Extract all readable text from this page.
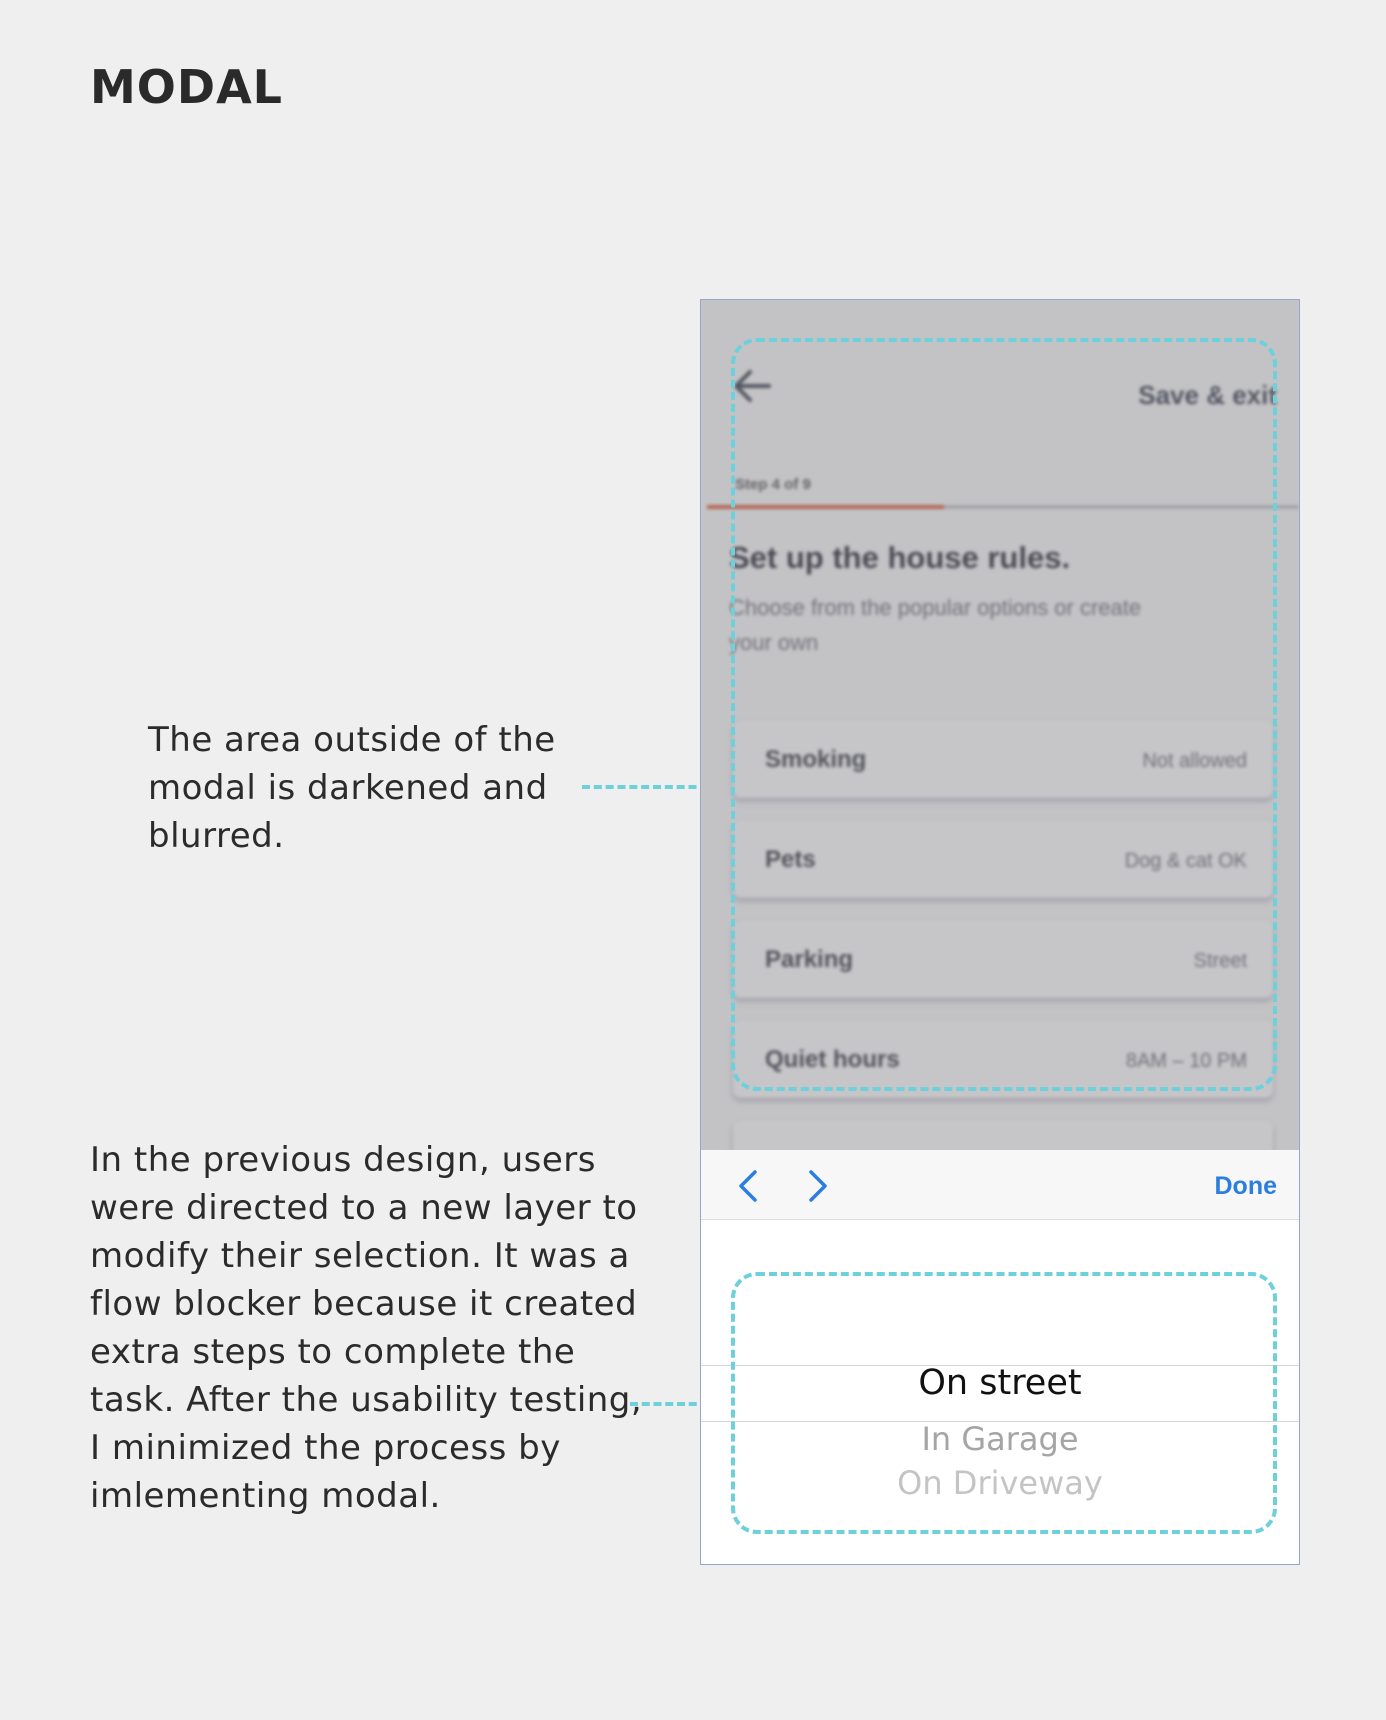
MODAL

The area outside of the modal is darkened and blurred.

In the previous design, users were directed to a new layer to modify their selection. It was a flow blocker because it created extra steps to complete the task. After the usability testing, I minimized the process by imlementing modal.

Save & exit
Step 4 of 9
Set up the house rules.

Choose from the popular options or create your own

Smoking	Not allowed
Pets	Dog & cat OK
Parking	Street
Quiet hours	8AM – 10 PM
Done
On street
In Garage
On Driveway
